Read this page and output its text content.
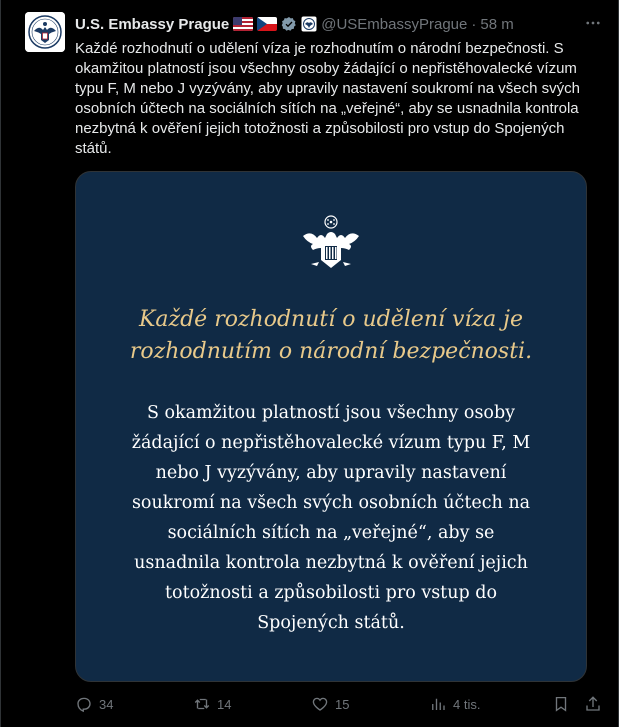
U.S. Embassy Prague	@USEmbassyPrague · 58 m
Každé rozhodnutí o udělení víza je rozhodnutím o národní bezpečnosti. S okamžitou platností jsou všechny osoby žádající o nepřistěhovalecké vízum typu F, M nebo J vyzývány, aby upravily nastavení soukromí na všech svých osobních účtech na sociálních sítích na „veřejné“, aby se usnadnila kontrola nezbytná k ověření jejich totožnosti a způsobilosti pro vstup do Spojených států.
Každé rozhodnutí o udělení víza je rozhodnutím o národní bezpečnosti.
S okamžitou platností jsou všechny osoby žádající o nepřistěhovalecké vízum typu F, M nebo J vyzývány, aby upravily nastavení soukromí na všech svých osobních účtech na sociálních sítích na „veřejné“, aby se usnadnila kontrola nezbytná k ověření jejich totožnosti a způsobilosti pro vstup do Spojených států.
34	14	15	4 tis.
